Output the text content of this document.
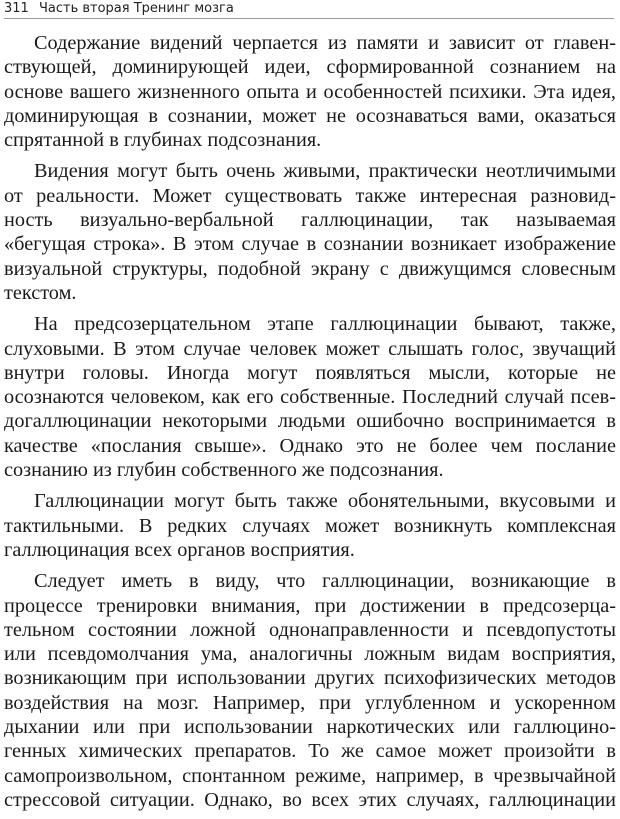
311 Часть вторая Тренинг мозга
Содержание видений черпается из памяти и зависит от главен-
ствующей, доминирующей идеи, сформированной сознанием на
основе вашего жизненного опыта и особенностей психики. Эта идея,
доминирующая в сознании, может не осознаваться вами, оказаться
спрятанной в глубинах подсознания.
Видения могут быть очень живыми, практически неотличимыми
от реальности. Может существовать также интересная разновид-
ность визуально-вербальной галлюцинации, так называемая
«бегущая строка». В этом случае в сознании возникает изображение
визуальной структуры, подобной экрану с движущимся словесным
текстом.
На предсозерцательном этапе галлюцинации бывают, также,
слуховыми. В этом случае человек может слышать голос, звучащий
внутри головы. Иногда могут появляться мысли, которые не
осознаются человеком, как его собственные. Последний случай псев-
догаллюцинации некоторыми людьми ошибочно воспринимается в
качестве «послания свыше». Однако это не более чем послание
сознанию из глубин собственного же подсознания.
Галлюцинации могут быть также обонятельными, вкусовыми и
тактильными. В редких случаях может возникнуть комплексная
галлюцинация всех органов восприятия.
Следует иметь в виду, что галлюцинации, возникающие в
процессе тренировки внимания, при достижении в предсозерца-
тельном состоянии ложной однонаправленности и псевдопустоты
или псевдомолчания ума, аналогичны ложным видам восприятия,
возникающим при использовании других психофизических методов
воздействия на мозг. Например, при углубленном и ускоренном
дыхании или при использовании наркотических или галлюцино-
генных химических препаратов. То же самое может произойти в
самопроизвольном, спонтанном режиме, например, в чрезвычайной
стрессовой ситуации. Однако, во всех этих случаях, галлюцинации
